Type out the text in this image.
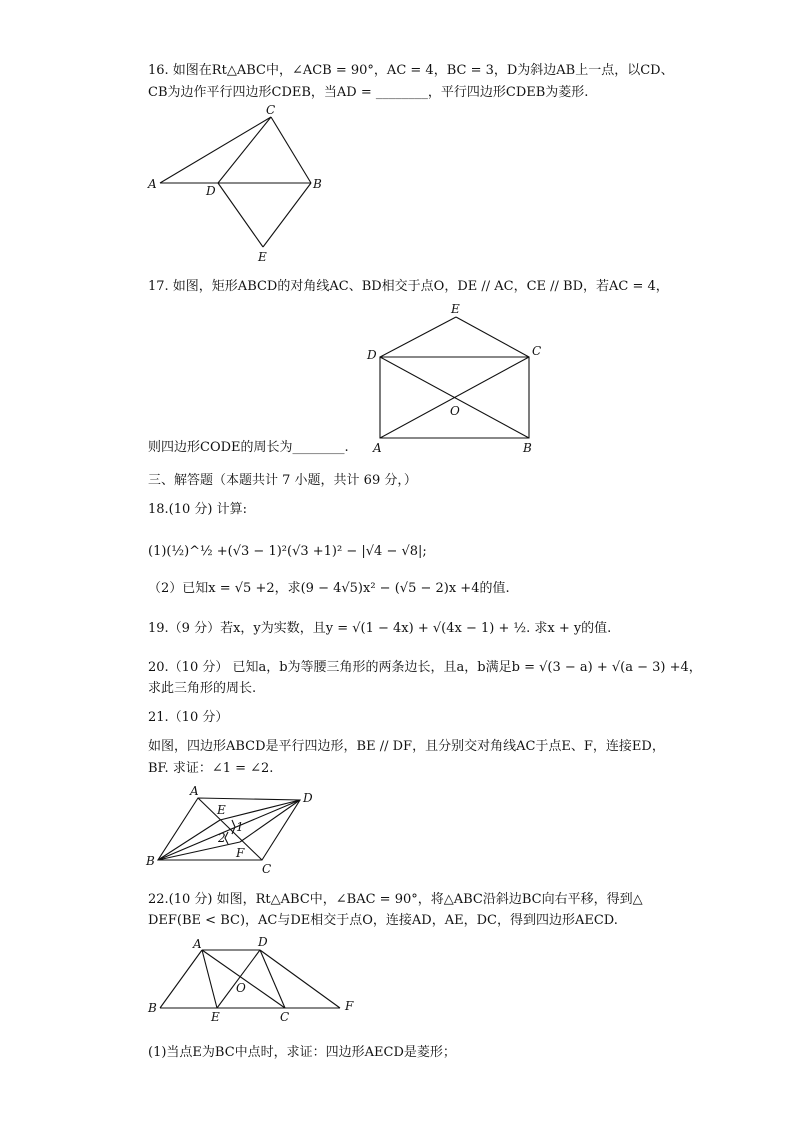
16. 如图在Rt△ABC中，∠ACB = 90°，AC = 4，BC = 3，D为斜边AB上一点，以CD、
CB为边作平行四边形CDEB，当AD = ________，平行四边形CDEB为菱形.
C
A	D	B
E
17. 如图，矩形ABCD的对角线AC、BD相交于点O，DE // AC，CE // BD，若AC = 4，
E
D	C
O
A	B
则四边形CODE的周长为________.
三、解答题（本题共计 7 小题，共计 69 分，）
18.(10 分) 计算:
(1)(½)^½ +(√3 − 1)²(√3 +1)² − |√4 − √8|;
（2）已知x = √5 +2，求(9 − 4√5)x² − (√5 − 2)x +4的值.
19.（9 分）若x，y为实数，且y = √(1 − 4x) + √(4x − 1) + ½. 求x + y的值.
20.（10 分） 已知a，b为等腰三角形的两条边长，且a，b满足b = √(3 − a) + √(a − 3) +4，
求此三角形的周长.
21.（10 分）
如图，四边形ABCD是平行四边形，BE // DF，且分别交对角线AC于点E、F，连接ED，
BF. 求证：∠1 = ∠2.
A
E
D
1
2
B
F
C
22.(10 分) 如图，Rt△ABC中，∠BAC = 90°，将△ABC沿斜边BC向右平移，得到△
DEF(BE < BC)，AC与DE相交于点O，连接AD，AE，DC，得到四边形AECD.
A	D
O
B
E	C
F
(1)当点E为BC中点时，求证：四边形AECD是菱形；
